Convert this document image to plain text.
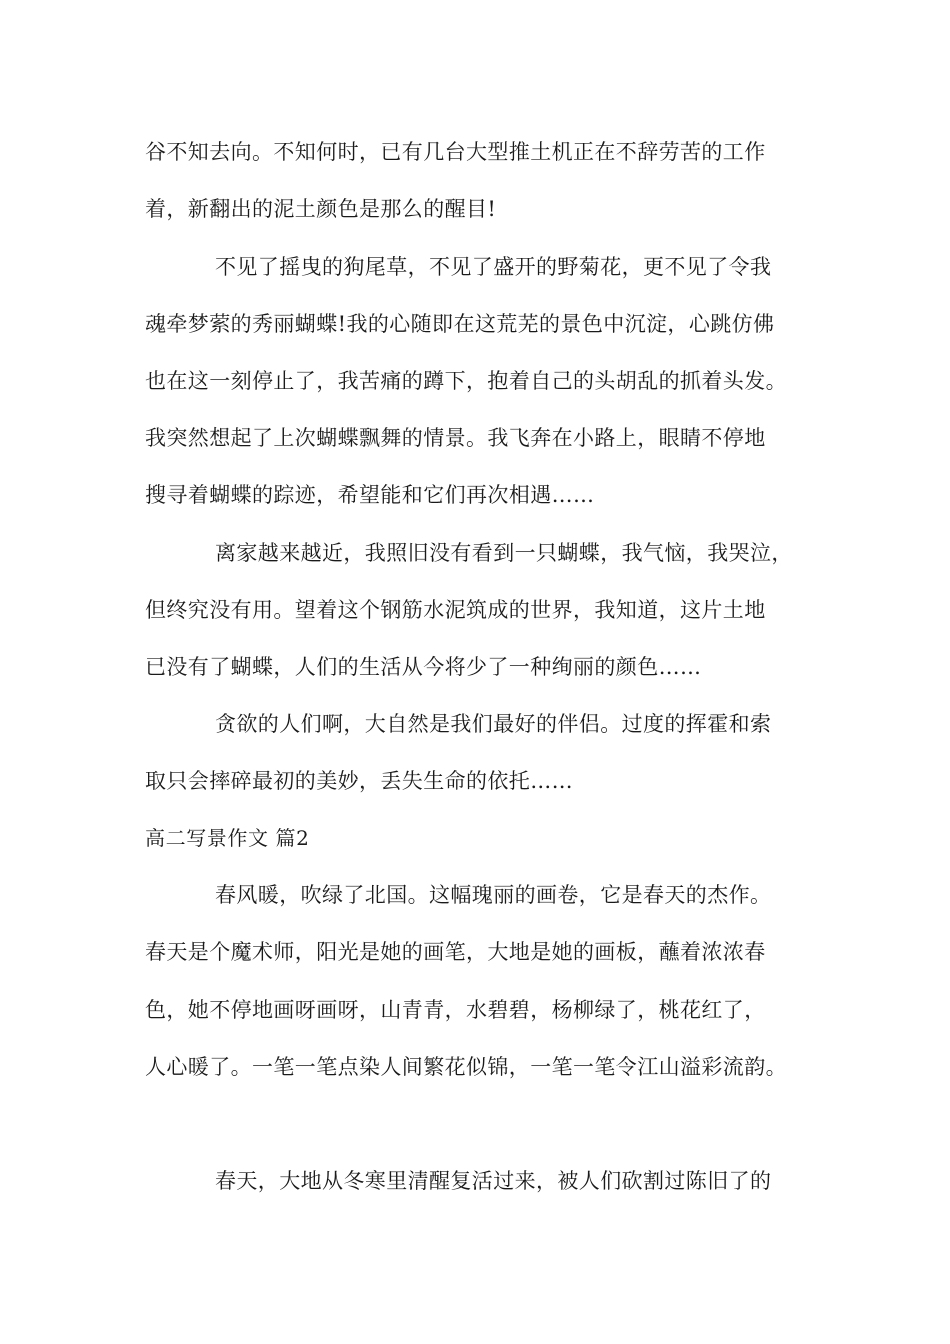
谷不知去向。不知何时，已有几台大型推土机正在不辞劳苦的工作
着，新翻出的泥土颜色是那么的醒目!
不见了摇曳的狗尾草，不见了盛开的野菊花，更不见了令我
魂牵梦萦的秀丽蝴蝶!我的心随即在这荒芜的景色中沉淀，心跳仿佛
也在这一刻停止了，我苦痛的蹲下，抱着自己的头胡乱的抓着头发。
我突然想起了上次蝴蝶飘舞的情景。我飞奔在小路上，眼睛不停地
搜寻着蝴蝶的踪迹，希望能和它们再次相遇……
离家越来越近，我照旧没有看到一只蝴蝶，我气恼，我哭泣，
但终究没有用。望着这个钢筋水泥筑成的世界，我知道，这片土地
已没有了蝴蝶，人们的生活从今将少了一种绚丽的颜色……
贪欲的人们啊，大自然是我们最好的伴侣。过度的挥霍和索
取只会摔碎最初的美妙，丢失生命的依托……
高二写景作文 篇2
春风暖，吹绿了北国。这幅瑰丽的画卷，它是春天的杰作。
春天是个魔术师，阳光是她的画笔，大地是她的画板，蘸着浓浓春
色，她不停地画呀画呀，山青青，水碧碧，杨柳绿了，桃花红了，
人心暖了。一笔一笔点染人间繁花似锦，一笔一笔令江山溢彩流韵。
春天，大地从冬寒里清醒复活过来，被人们砍割过陈旧了的
